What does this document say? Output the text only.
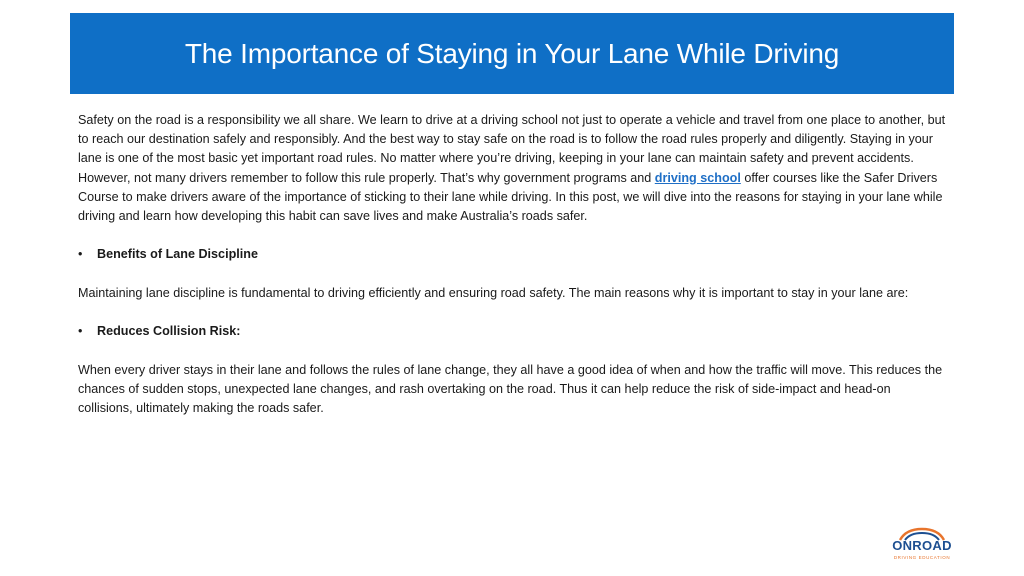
The Importance of Staying in Your Lane While Driving

Safety on the road is a responsibility we all share. We learn to drive at a driving school not just to operate a vehicle and travel from one place to another, but to reach our destination safely and responsibly. And the best way to stay safe on the road is to follow the road rules properly and diligently. Staying in your lane is one of the most basic yet important road rules. No matter where you’re driving, keeping in your lane can maintain safety and prevent accidents. However, not many drivers remember to follow this rule properly. That’s why government programs and driving school offer courses like the Safer Drivers Course to make drivers aware of the importance of sticking to their lane while driving. In this post, we will dive into the reasons for staying in your lane while driving and learn how developing this habit can save lives and make Australia’s roads safer.

•	Benefits of Lane Discipline

Maintaining lane discipline is fundamental to driving efficiently and ensuring road safety. The main reasons why it is important to stay in your lane are:

•	Reduces Collision Risk:

When every driver stays in their lane and follows the rules of lane change, they all have a good idea of when and how the traffic will move. This reduces the chances of sudden stops, unexpected lane changes, and rash overtaking on the road. Thus it can help reduce the risk of side-impact and head-on collisions, ultimately making the roads safer.

ONROAD
DRIVING EDUCATION
